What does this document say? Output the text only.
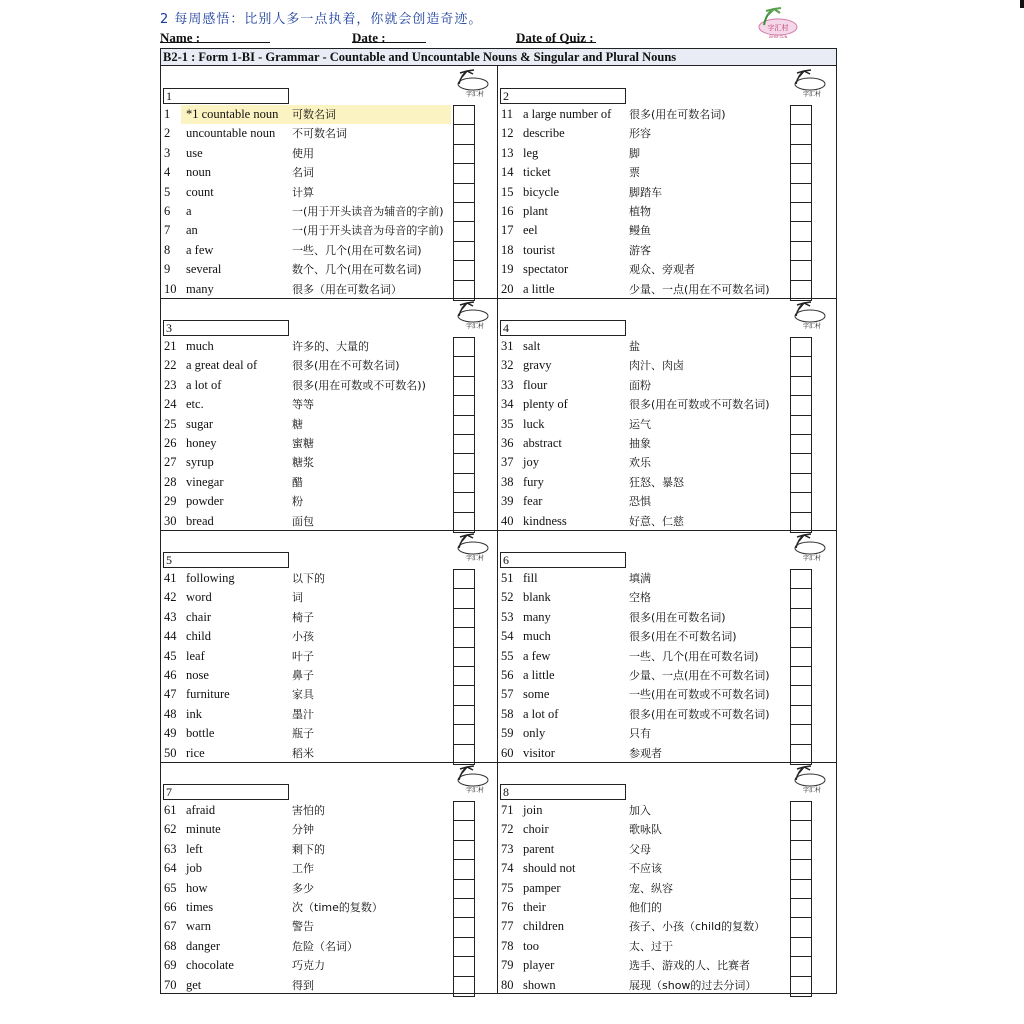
2 每周感悟：比别人多一点执着，你就会创造奇迹。
字汇村
ZIHUI CUN
Name :	Date :	Date of Quiz :
B2-1 : Form 1-BI - Grammar - Countable and Uncountable Nouns & Singular and Plural Nouns
字汇村
1
1 *1 countable noun 可数名词
2 uncountable noun 不可数名词
3 use	使用
4 noun	名词
5 count	计算
6 a	一(用于开头读音为辅音的字前)
7 an	一(用于开头读音为母音的字前)
8 a few	一些、几个(用在可数名词)
9 several	数个、几个(用在可数名词)
10 many	很多（用在可数名词）
字汇村
2
11 a large number of 很多(用在可数名词)
12 describe	形容
13 leg	脚
14 ticket	票
15 bicycle	脚踏车
16 plant	植物
17 eel	鳗鱼
18 tourist	游客
19 spectator	观众、旁观者
20 a little	少量、一点(用在不可数名词)
字汇村
3
21 much	许多的、大量的
22 a great deal of	很多(用在不可数名词)
23 a lot of	很多(用在可数或不可数名))
24 etc.	等等
25 sugar	糖
26 honey	蜜糖
27 syrup	糖浆
28 vinegar	醋
29 powder	粉
30 bread	面包
字汇村
4
31 salt	盐
32 gravy	肉汁、肉卤
33 flour	面粉
34 plenty of	很多(用在可数或不可数名词)
35 luck	运气
36 abstract	抽象
37 joy	欢乐
38 fury	狂怒、暴怒
39 fear	恐惧
40 kindness	好意、仁慈
字汇村
5
41 following	以下的
42 word	词
43 chair	椅子
44 child	小孩
45 leaf	叶子
46 nose	鼻子
47 furniture	家具
48 ink	墨汁
49 bottle	瓶子
50 rice	稻米
字汇村
6
51 fill	填满
52 blank	空格
53 many	很多(用在可数名词)
54 much	很多(用在不可数名词)
55 a few	一些、几个(用在可数名词)
56 a little	少量、一点(用在不可数名词)
57 some	一些(用在可数或不可数名词)
58 a lot of	很多(用在可数或不可数名词)
59 only	只有
60 visitor	参观者
字汇村
7
61 afraid	害怕的
62 minute	分钟
63 left	剩下的
64 job	工作
65 how	多少
66 times	次（time的复数）
67 warn	警告
68 danger	危险（名词）
69 chocolate	巧克力
70 get	得到
字汇村
8
71 join	加入
72 choir	歌咏队
73 parent	父母
74 should not	不应该
75 pamper	宠、纵容
76 their	他们的
77 children	孩子、小孩（child的复数）
78 too	太、过于
79 player	选手、游戏的人、比赛者
80 shown	展现（show的过去分词）
